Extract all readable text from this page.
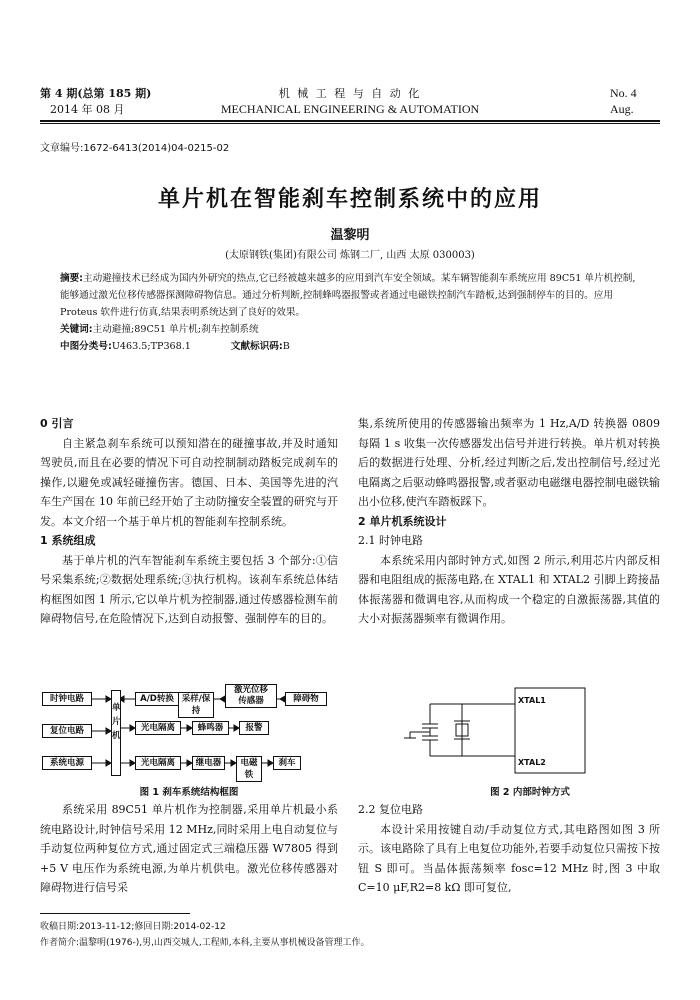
第 4 期(总第 185 期)
2014 年 08 月
机 械 工 程 与 自 动 化
MECHANICAL ENGINEERING & AUTOMATION
No. 4
Aug.
文章编号:1672-6413(2014)04-0215-02
单片机在智能刹车控制系统中的应用
温黎明
(太原钢铁(集团)有限公司 炼钢二厂, 山西 太原 030003)
摘要:主动避撞技术已经成为国内外研究的热点,它已经被越来越多的应用到汽车安全领域。某车辆智能刹车系统应用 89C51 单片机控制,能够通过激光位移传感器探测障碍物信息。通过分析判断,控制蜂鸣器报警或者通过电磁铁控制汽车踏板,达到强制停车的目的。应用 Proteus 软件进行仿真,结果表明系统达到了良好的效果。
关键词:主动避撞;89C51 单片机;刹车控制系统
中图分类号:U463.5;TP368.1	文献标识码:B
0 引言

自主紧急刹车系统可以预知潜在的碰撞事故,并及时通知驾驶员,而且在必要的情况下可自动控制制动踏板完成刹车的操作,以避免或减轻碰撞伤害。德国、日本、美国等先进的汽车生产国在 10 年前已经开始了主动防撞安全装置的研究与开发。本文介绍一个基于单片机的智能刹车控制系统。

1 系统组成

基于单片机的汽车智能刹车系统主要包括 3 个部分:①信号采集系统;②数据处理系统;③执行机构。该刹车系统总体结构框图如图 1 所示,它以单片机为控制器,通过传感器检测车前障碍物信号,在危险情况下,达到自动报警、强制停车的目的。

时钟电路
复位电路
系统电源
单
片
机
A/D转换 采样/保持
激光位移
传感器	障碍物
光电隔离	蜂鸣器	报警
光电隔离	继电器	电磁铁
刹车
图 1 刹车系统结构框图

系统采用 89C51 单片机作为控制器,采用单片机最小系统电路设计,时钟信号采用 12 MHz,同时采用上电自动复位与手动复位两种复位方式,通过固定式三端稳压器 W7805 得到+5 V 电压作为系统电源,为单片机供电。激光位移传感器对障碍物进行信号采

集,系统所使用的传感器输出频率为 1 Hz,A/D 转换器 0809 每隔 1 s 收集一次传感器发出信号并进行转换。单片机对转换后的数据进行处理、分析,经过判断之后,发出控制信号,经过光电隔离之后驱动蜂鸣器报警,或者驱动电磁继电器控制电磁铁输出小位移,使汽车踏板踩下。

2 单片机系统设计
2.1 时钟电路

本系统采用内部时钟方式,如图 2 所示,利用芯片内部反相器和电阻组成的振荡电路,在 XTAL1 和 XTAL2 引脚上跨接晶体振荡器和微调电容,从而构成一个稳定的自激振荡器,其值的大小对振荡器频率有微调作用。

XTAL1
XTAL2
图 2 内部时钟方式
2.2 复位电路

本设计采用按键自动/手动复位方式,其电路图如图 3 所示。该电路除了具有上电复位功能外,若要手动复位只需按下按钮 S 即可。当晶体振荡频率 fosc=12 MHz 时,图 3 中取 C=10 μF,R2=8 kΩ 即可复位,

收稿日期:2013-11-12;修回日期:2014-02-12
作者简介:温黎明(1976-),男,山西交城人,工程师,本科,主要从事机械设备管理工作。
